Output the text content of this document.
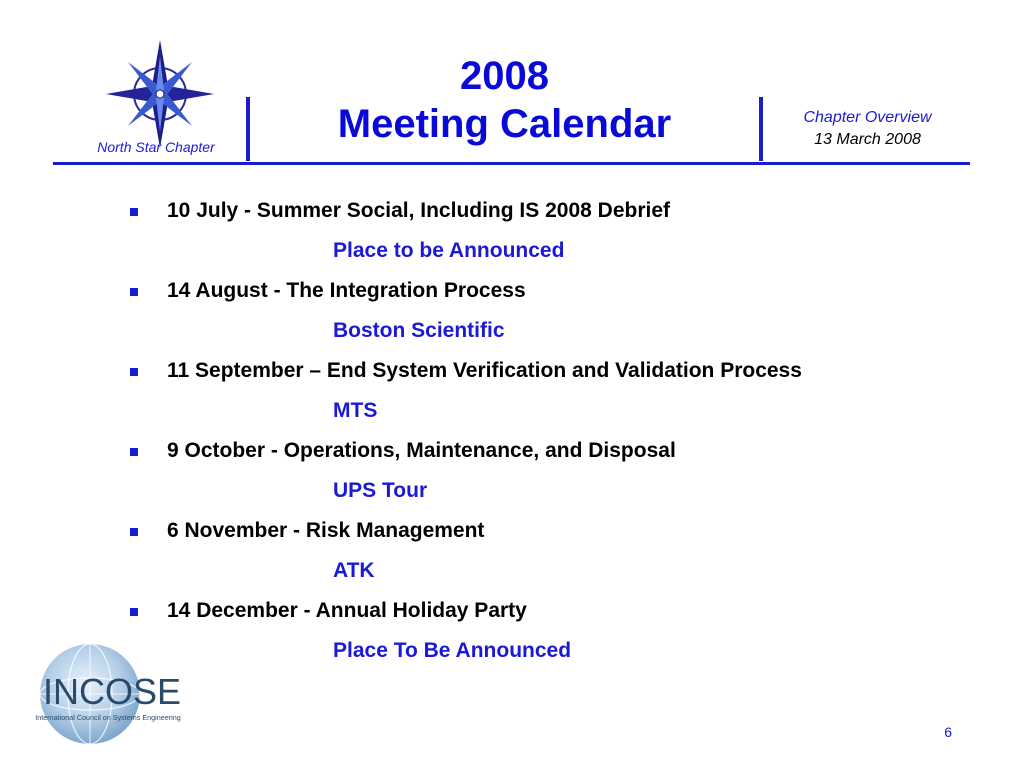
North Star Chapter
2008
Meeting Calendar	Chapter Overview
13 March 2008
10 July - Summer Social, Including IS 2008 Debrief
Place to be Announced
14 August - The Integration Process
Boston Scientific
11 September – End System Verification and Validation Process
MTS
9 October - Operations, Maintenance, and Disposal
UPS Tour
6 November - Risk Management
ATK
14 December - Annual Holiday Party
Place To Be Announced
INCOSE
International Council on Systems Engineering
6
